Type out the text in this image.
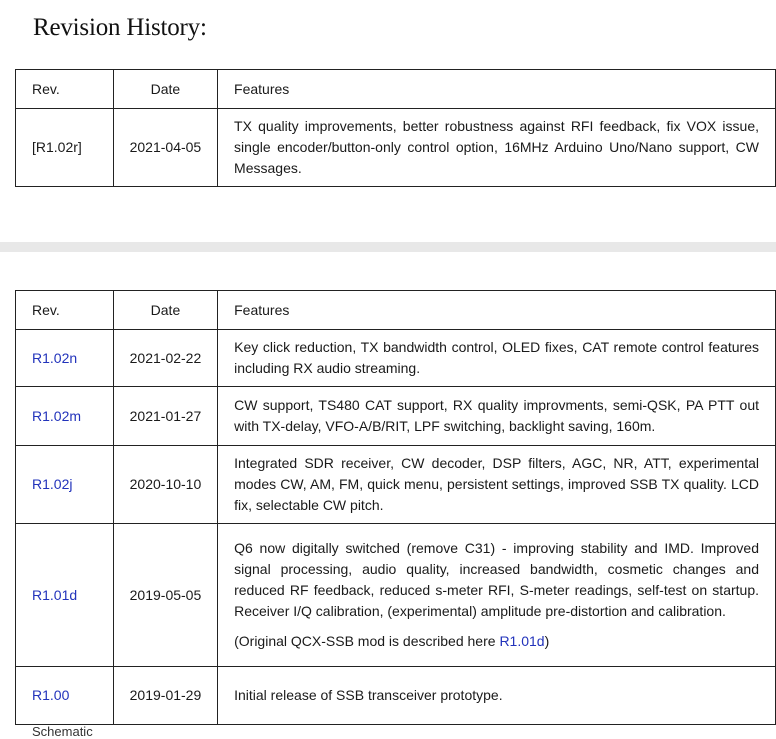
Revision History:
Rev.	Date	Features
[R1.02r]	2021-04-05	TX quality improvements, better robustness against RFI feedback, fix VOX issue, single encoder/button-only control option, 16MHz Arduino Uno/Nano support, CW Messages.
Rev.	Date	Features
R1.02n	2021-02-22	Key click reduction, TX bandwidth control, OLED fixes, CAT remote control features including RX audio streaming.
R1.02m	2021-01-27	CW support, TS480 CAT support, RX quality improvments, semi-QSK, PA PTT out with TX-delay, VFO-A/B/RIT, LPF switching, backlight saving, 160m.
R1.02j	2020-10-10	Integrated SDR receiver, CW decoder, DSP filters, AGC, NR, ATT, experimental modes CW, AM, FM, quick menu, persistent settings, improved SSB TX quality. LCD fix, selectable CW pitch.
R1.01d	2019-05-05	Q6 now digitally switched (remove C31) - improving stability and IMD. Improved signal processing, audio quality, increased bandwidth, cosmetic changes and reduced RF feedback, reduced s-meter RFI, S-meter readings, self-test on startup. Receiver I/Q calibration, (experimental) amplitude pre-distortion and calibration.
(Original QCX-SSB mod is described here R1.01d)

R1.00	2019-01-29	Initial release of SSB transceiver prototype.
Schematic
